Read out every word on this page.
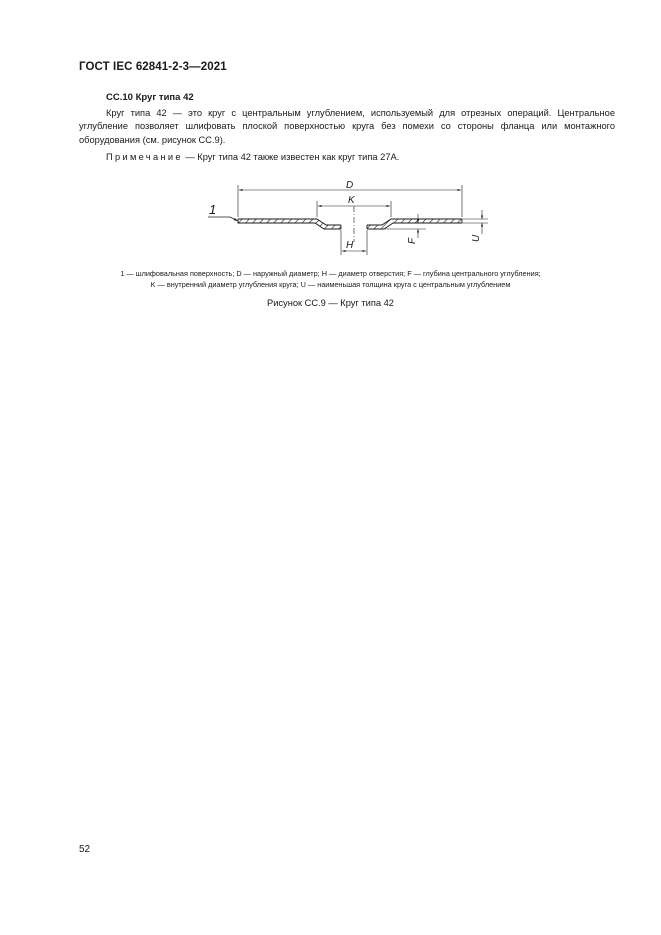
ГОСТ IEC 62841-2-3—2021
СС.10 Круг типа 42

Круг типа 42 — это круг с центральным углублением, используемый для отрезных операций. Центральное углубление позволяет шлифовать плоской поверхностью круга без помехи со стороны фланца или монтажного оборудования (см. рисунок СС.9).

Примечание — Круг типа 42 также известен как круг типа 27А.
D
K
H	F	U
1

1 — шлифовальная поверхность; D — наружный диаметр; H — диаметр отверстия; F — глубина центрального углубления;

K — внутренний диаметр углубления круга; U — наименьшая толщина круга с центральным углублением

Рисунок СС.9 — Круг типа 42
52
